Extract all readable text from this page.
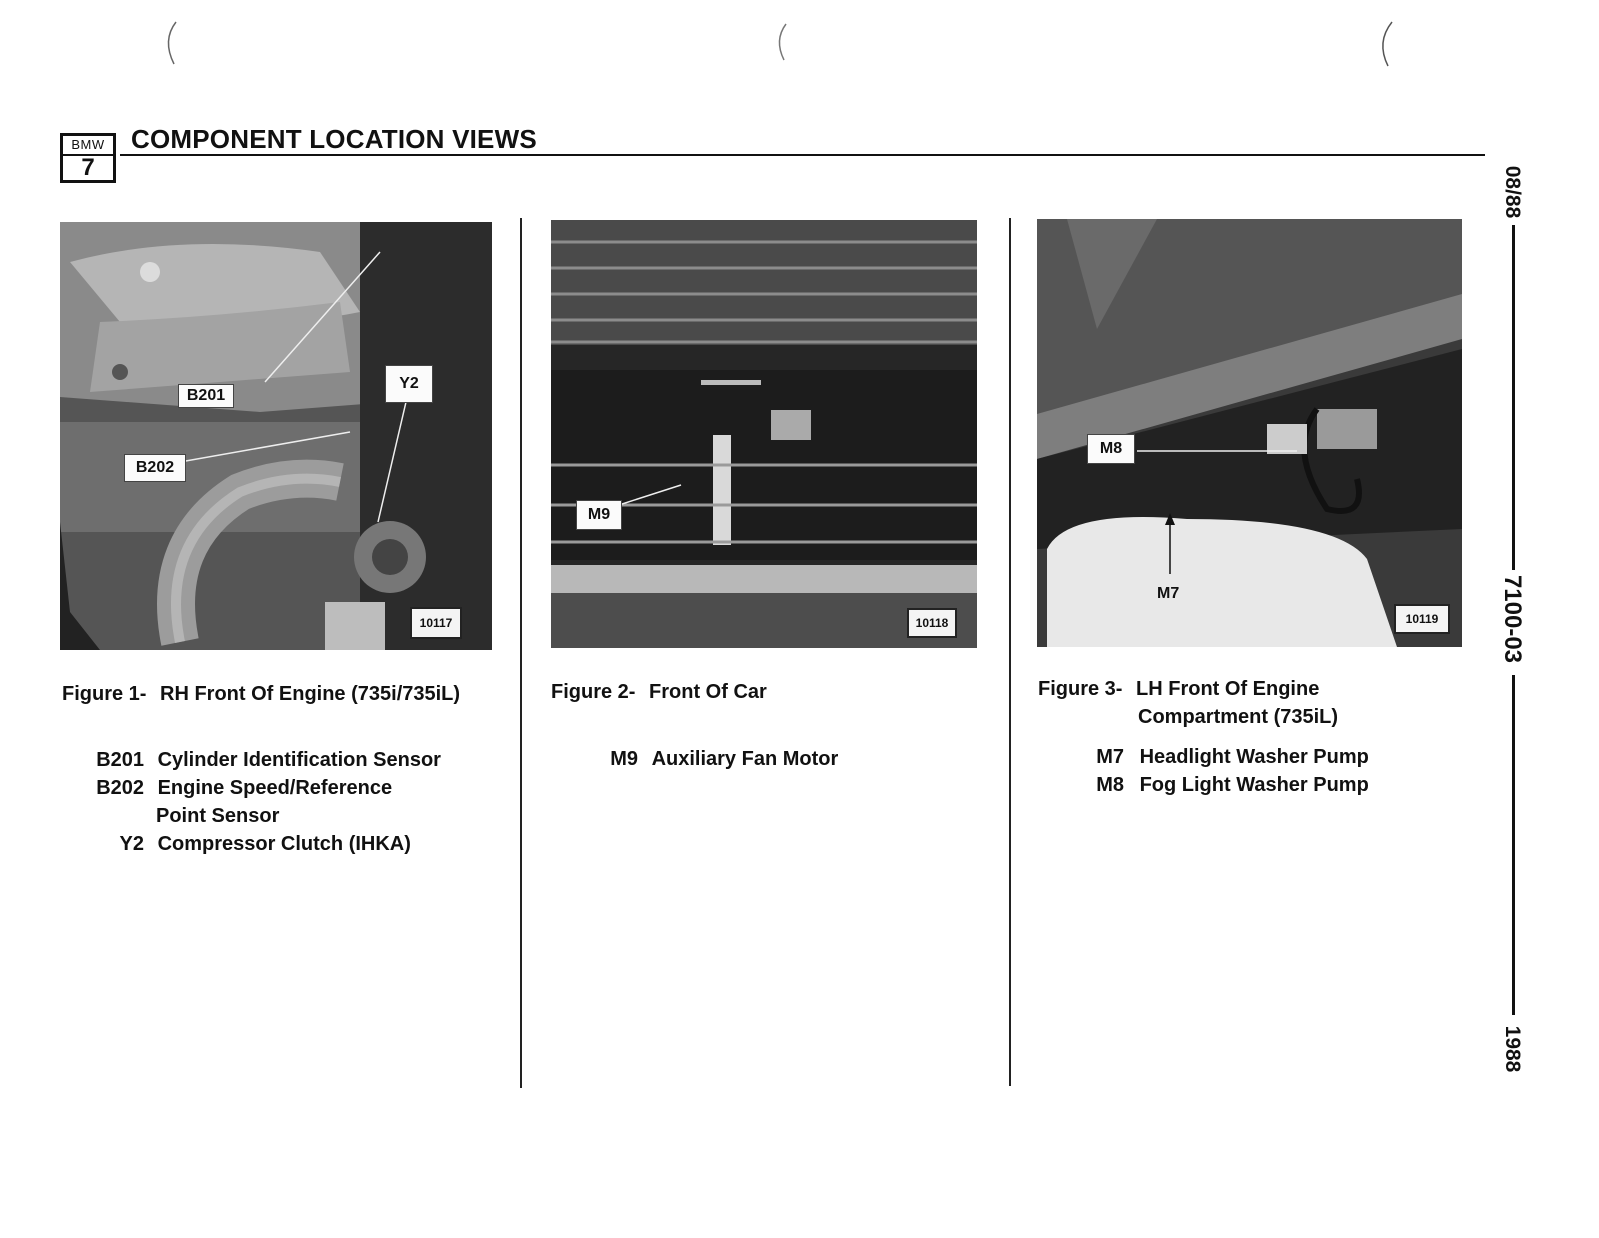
BMW
7
COMPONENT LOCATION VIEWS
08/88
7100-03
1988
B201
B202
Y2
10117
Figure 1- RH Front Of Engine (735i/735iL)
B201 Cylinder Identification Sensor
B202 Engine Speed/Reference
Point Sensor
Y2 Compressor Clutch (IHKA)
M9
10118
Figure 2- Front Of Car
M9 Auxiliary Fan Motor
M8
M7
10119
Figure 3- LH Front Of Engine
Compartment (735iL)
M7 Headlight Washer Pump
M8 Fog Light Washer Pump
